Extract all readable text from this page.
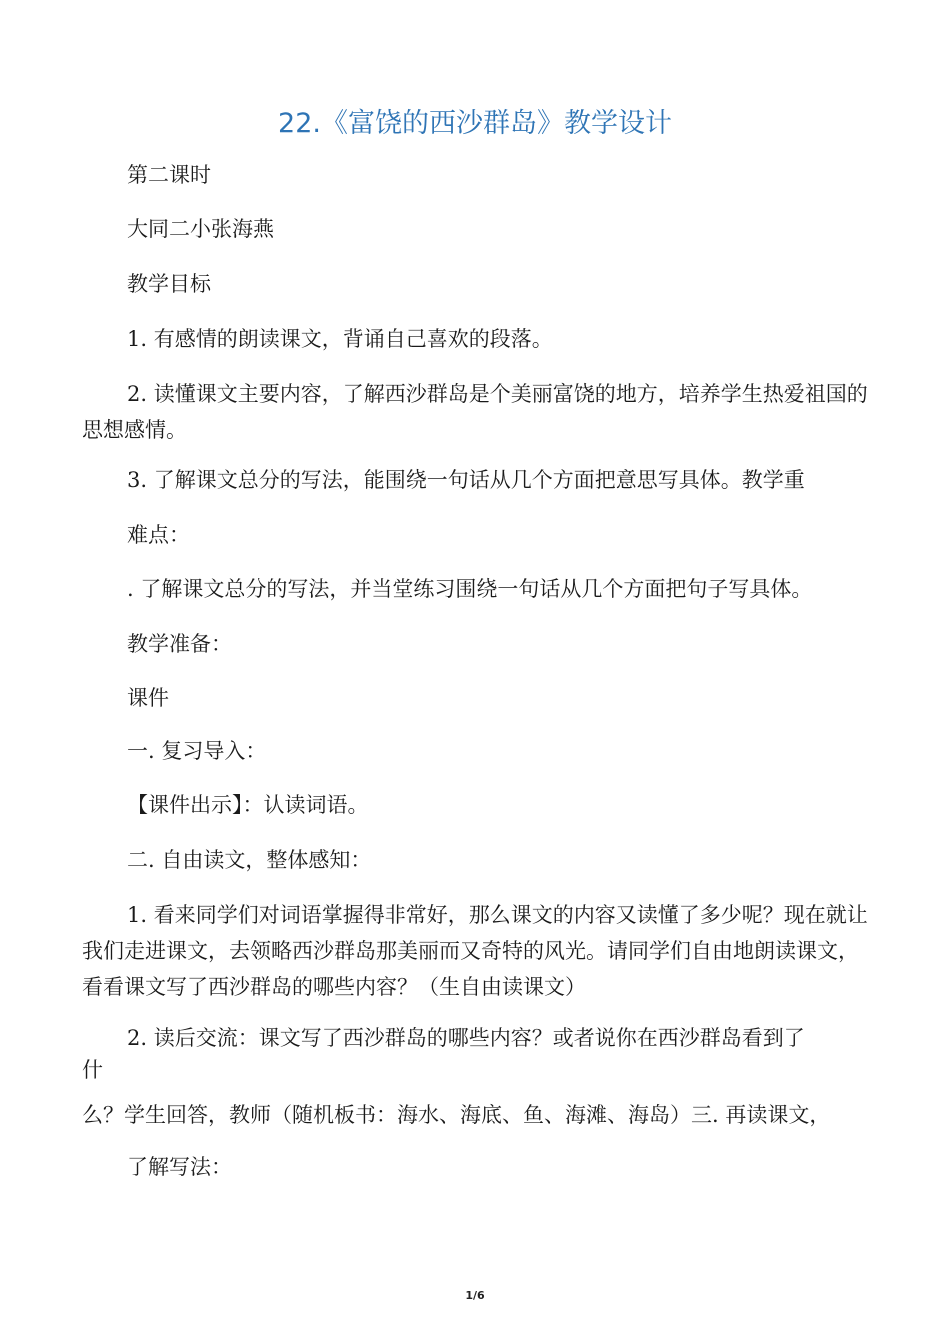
22.《富饶的西沙群岛》教学设计

第二课时

大同二小张海燕

教学目标

1. 有感情的朗读课文，背诵自己喜欢的段落。

2. 读懂课文主要内容，了解西沙群岛是个美丽富饶的地方，培养学生热爱祖国的思想感情。

3. 了解课文总分的写法，能围绕一句话从几个方面把意思写具体。教学重

难点：

. 了解课文总分的写法，并当堂练习围绕一句话从几个方面把句子写具体。

教学准备：

课件

一. 复习导入：

【课件出示】：认读词语。

二. 自由读文，整体感知：

1. 看来同学们对词语掌握得非常好，那么课文的内容又读懂了多少呢？现在就让我们走进课文，去领略西沙群岛那美丽而又奇特的风光。请同学们自由地朗读课文，看看课文写了西沙群岛的哪些内容？（生自由读课文）

2. 读后交流：课文写了西沙群岛的哪些内容？或者说你在西沙群岛看到了

什

么？学生回答，教师（随机板书：海水、海底、鱼、海滩、海岛）三. 再读课文，

了解写法：

1/6
